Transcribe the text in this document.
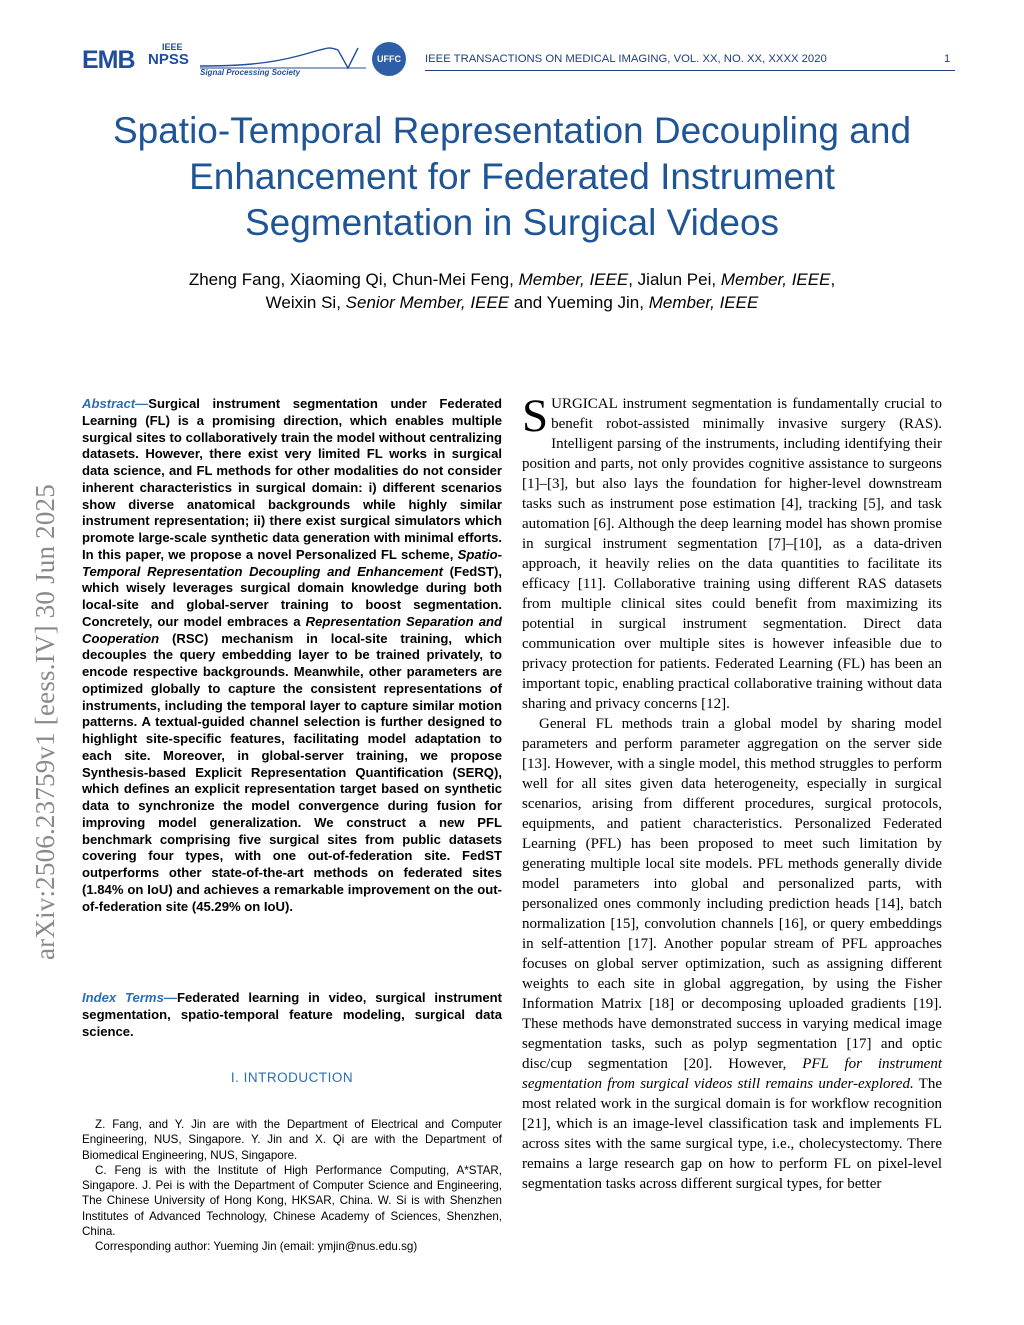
EMB	IEEE
NPSS
Signal Processing Society
UFFC	IEEE TRANSACTIONS ON MEDICAL IMAGING, VOL. XX, NO. XX, XXXX 2020	1
Spatio-Temporal Representation Decoupling and Enhancement for Federated Instrument Segmentation in Surgical Videos
Zheng Fang, Xiaoming Qi, Chun-Mei Feng, Member, IEEE, Jialun Pei, Member, IEEE,
Weixin Si, Senior Member, IEEE and Yueming Jin, Member, IEEE
arXiv:2506.23759v1 [eess.IV] 30 Jun 2025
Abstract—Surgical instrument segmentation under Federated Learning (FL) is a promising direction, which enables multiple surgical sites to collaboratively train the model without centralizing datasets. However, there exist very limited FL works in surgical data science, and FL methods for other modalities do not consider inherent characteristics in surgical domain: i) different scenarios show diverse anatomical backgrounds while highly similar instrument representation; ii) there exist surgical simulators which promote large-scale synthetic data generation with minimal efforts. In this paper, we propose a novel Personalized FL scheme, Spatio-Temporal Representation Decoupling and Enhancement (FedST), which wisely leverages surgical domain knowledge during both local-site and global-server training to boost segmentation. Concretely, our model embraces a Representation Separation and Cooperation (RSC) mechanism in local-site training, which decouples the query embedding layer to be trained privately, to encode respective backgrounds. Meanwhile, other parameters are optimized globally to capture the consistent representations of instruments, including the temporal layer to capture similar motion patterns. A textual-guided channel selection is further designed to highlight site-specific features, facilitating model adaptation to each site. Moreover, in global-server training, we propose Synthesis-based Explicit Representation Quantification (SERQ), which defines an explicit representation target based on synthetic data to synchronize the model convergence during fusion for improving model generalization. We construct a new PFL benchmark comprising five surgical sites from public datasets covering four types, with one out-of-federation site. FedST outperforms other state-of-the-art methods on federated sites (1.84% on IoU) and achieves a remarkable improvement on the out-of-federation site (45.29% on IoU).
Index Terms—Federated learning in video, surgical instrument segmentation, spatio-temporal feature modeling, surgical data science.
I. INTRODUCTION

Z. Fang, and Y. Jin are with the Department of Electrical and Computer Engineering, NUS, Singapore. Y. Jin and X. Qi are with the Department of Biomedical Engineering, NUS, Singapore.

C. Feng is with the Institute of High Performance Computing, A*STAR, Singapore. J. Pei is with the Department of Computer Science and Engineering, The Chinese University of Hong Kong, HKSAR, China. W. Si is with Shenzhen Institutes of Advanced Technology, Chinese Academy of Sciences, Shenzhen, China.

Corresponding author: Yueming Jin (email: ymjin@nus.edu.sg)

SURGICAL instrument segmentation is fundamentally crucial to benefit robot-assisted minimally invasive surgery (RAS). Intelligent parsing of the instruments, including identifying their position and parts, not only provides cognitive assistance to surgeons [1]–[3], but also lays the foundation for higher-level downstream tasks such as instrument pose estimation [4], tracking [5], and task automation [6]. Although the deep learning model has shown promise in surgical instrument segmentation [7]–[10], as a data-driven approach, it heavily relies on the data quantities to facilitate its efficacy [11]. Collaborative training using different RAS datasets from multiple clinical sites could benefit from maximizing its potential in surgical instrument segmentation. Direct data communication over multiple sites is however infeasible due to privacy protection for patients. Federated Learning (FL) has been an important topic, enabling practical collaborative training without data sharing and privacy concerns [12].

General FL methods train a global model by sharing model parameters and perform parameter aggregation on the server side [13]. However, with a single model, this method struggles to perform well for all sites given data heterogeneity, especially in surgical scenarios, arising from different procedures, surgical protocols, equipments, and patient characteristics. Personalized Federated Learning (PFL) has been proposed to meet such limitation by generating multiple local site models. PFL methods generally divide model parameters into global and personalized parts, with personalized ones commonly including prediction heads [14], batch normalization [15], convolution channels [16], or query embeddings in self-attention [17]. Another popular stream of PFL approaches focuses on global server optimization, such as assigning different weights to each site in global aggregation, by using the Fisher Information Matrix [18] or decomposing uploaded gradients [19]. These methods have demonstrated success in varying medical image segmentation tasks, such as polyp segmentation [17] and optic disc/cup segmentation [20]. However, PFL for instrument segmentation from surgical videos still remains under-explored. The most related work in the surgical domain is for workflow recognition [21], which is an image-level classification task and implements FL across sites with the same surgical type, i.e., cholecystectomy. There remains a large research gap on how to perform FL on pixel-level segmentation tasks across different surgical types, for better
